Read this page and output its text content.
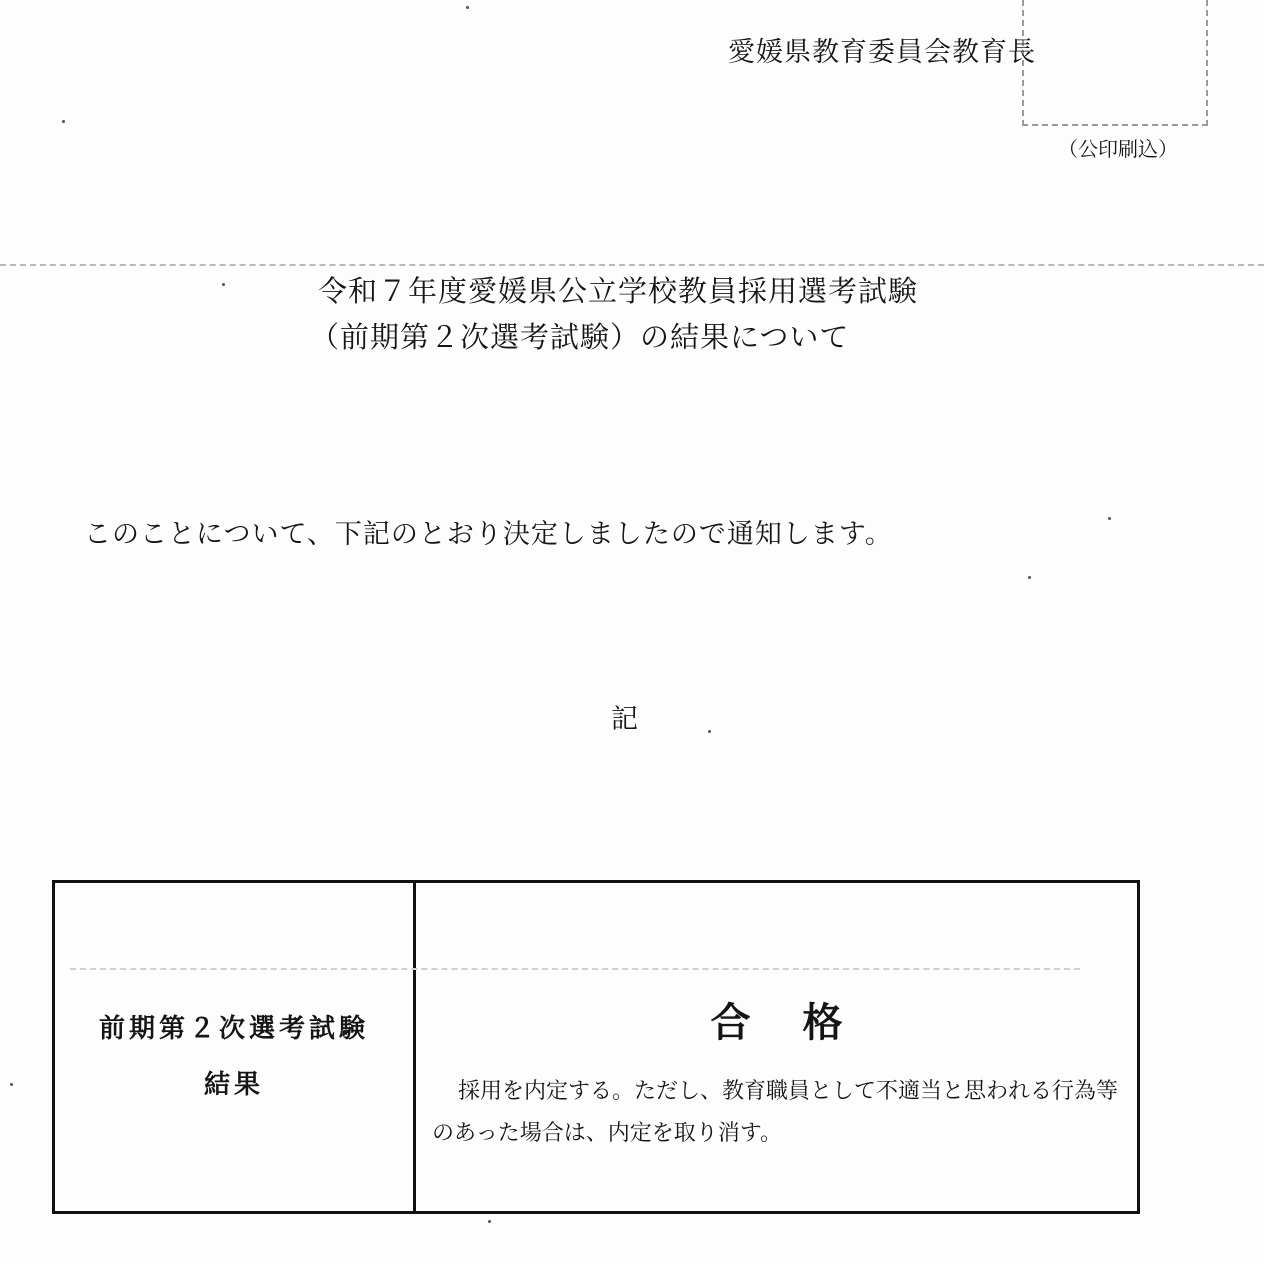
愛媛県教育委員会教育長
（公印刷込）
令和７年度愛媛県公立学校教員採用選考試験
（前期第２次選考試験）の結果について
このことについて、下記のとおり決定しましたので通知します。
記
前期第２次選考試験
結果
合格
採用を内定する。ただし、教育職員として不適当と思われる行為等のあった場合は、内定を取り消す。
